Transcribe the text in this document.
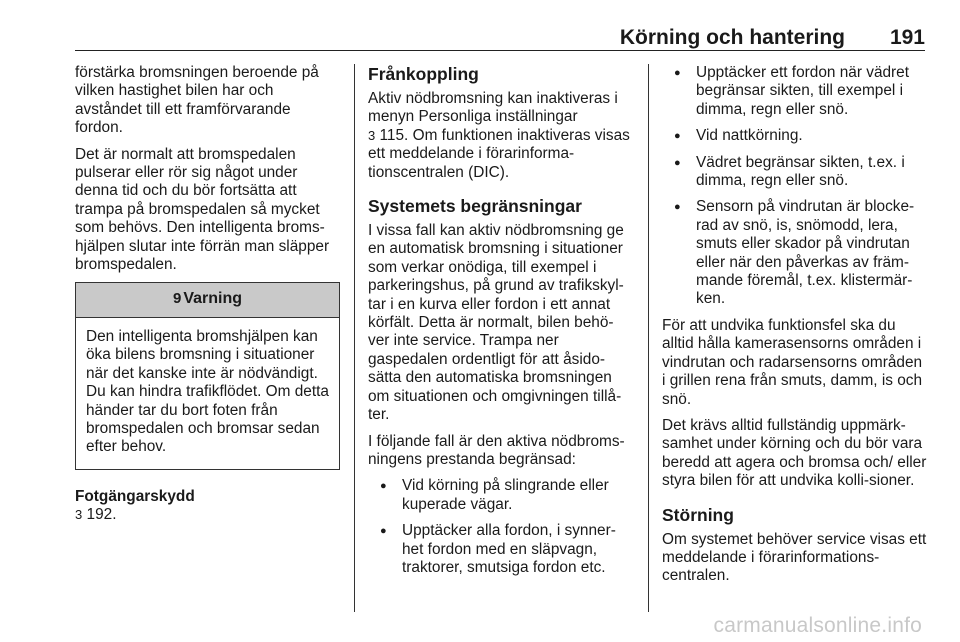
Körning och hantering 191

förstärka bromsningen beroende på vilken hastighet bilen har och avståndet till ett framförvarande fordon.

Det är normalt att bromspedalen pulserar eller rör sig något under denna tid och du bör fortsätta att trampa på bromspedalen så mycket som behövs. Den intelligenta broms-hjälpen slutar inte förrän man släpper bromspedalen.

9 Varning
Den intelligenta bromshjälpen kan öka bilens bromsning i situationer när det kanske inte är nödvändigt. Du kan hindra trafikflödet. Om detta händer tar du bort foten från bromspedalen och bromsar sedan efter behov.
Fotgängarskydd

3 192.

Frånkoppling

Aktiv nödbromsning kan inaktiveras i menyn Personliga inställningar
3 115. Om funktionen inaktiveras visas ett meddelande i förarinforma-tionscentralen (DIC).

Systemets begränsningar

I vissa fall kan aktiv nödbromsning ge en automatisk bromsning i situationer som verkar onödiga, till exempel i parkeringshus, på grund av trafikskyl-tar i en kurva eller fordon i ett annat körfält. Detta är normalt, bilen behö-ver inte service. Trampa ner gaspedalen ordentligt för att åsido-sätta den automatiska bromsningen om situationen och omgivningen tillå-ter.

I följande fall är den aktiva nödbroms-ningens prestanda begränsad:

● Vid körning på slingrande eller kuperade vägar.
● Upptäcker alla fordon, i synner-het fordon med en släpvagn, traktorer, smutsiga fordon etc.
● Upptäcker ett fordon när vädret begränsar sikten, till exempel i dimma, regn eller snö.
● Vid nattkörning.
● Vädret begränsar sikten, t.ex. i dimma, regn eller snö.
● Sensorn på vindrutan är blocke-rad av snö, is, snömodd, lera, smuts eller skador på vindrutan eller när den påverkas av främ-mande föremål, t.ex. klistermär-ken.

För att undvika funktionsfel ska du alltid hålla kamerasensorns områden i vindrutan och radarsensorns områden i grillen rena från smuts, damm, is och snö.

Det krävs alltid fullständig uppmärk-samhet under körning och du bör vara beredd att agera och bromsa och/ eller styra bilen för att undvika kolli-sioner.

Störning

Om systemet behöver service visas ett meddelande i förarinformations-centralen.

carmanualsonline.info
